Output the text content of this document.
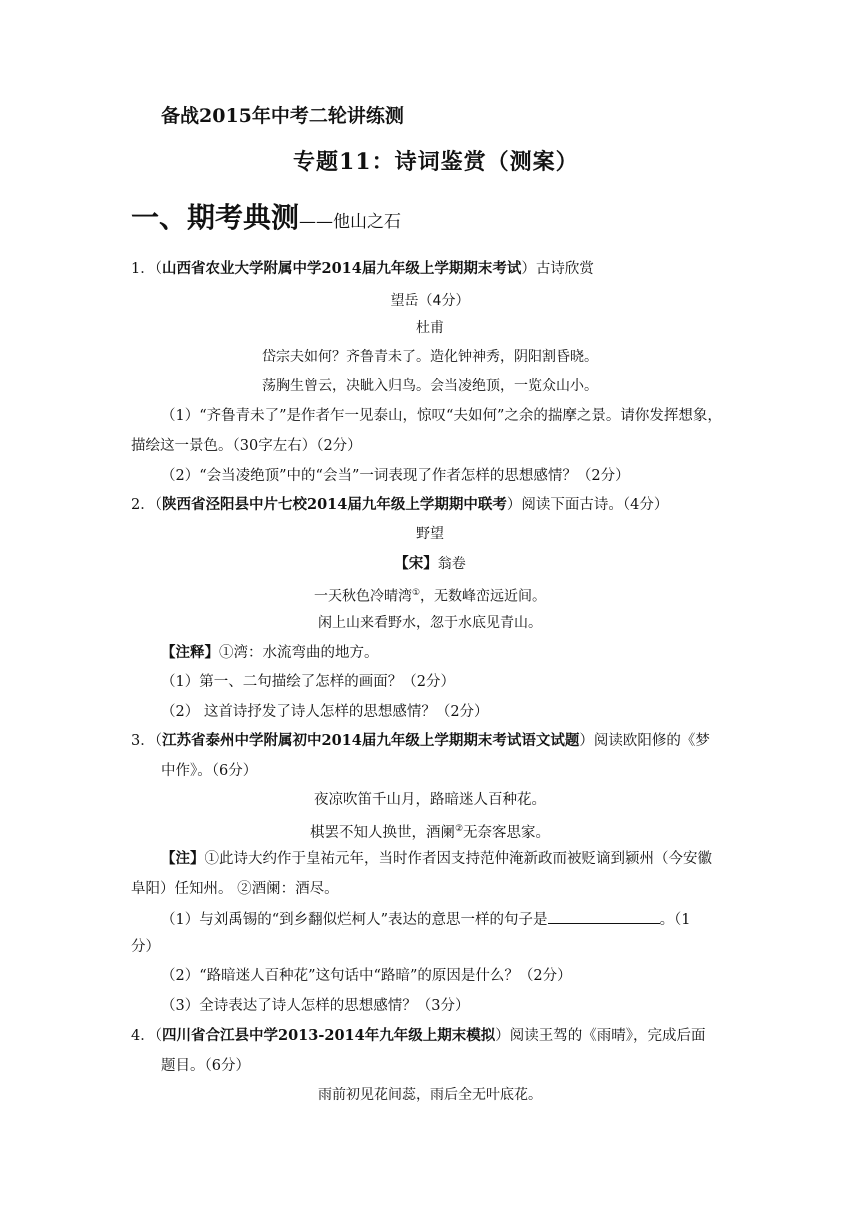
备战2015年中考二轮讲练测
专题11：诗词鉴赏（测案）
一、期考典测——他山之石
1．（山西省农业大学附属中学2014届九年级上学期期末考试）古诗欣赏
望岳（4分）
杜甫
岱宗夫如何？齐鲁青未了。造化钟神秀，阴阳割昏晓。
荡胸生曾云，决眦入归鸟。会当凌绝顶，一览众山小。
（1）“齐鲁青未了”是作者乍一见泰山，惊叹“夫如何”之余的揣摩之景。请你发挥想象，
描绘这一景色。（30字左右）（2分）
（2）“会当凌绝顶”中的“会当”一词表现了作者怎样的思想感情？（2分）
2．（陕西省泾阳县中片七校2014届九年级上学期期中联考）阅读下面古诗。（4分）
野望
【宋】翁卷
一天秋色冷晴湾①，无数峰峦远近间。
闲上山来看野水，忽于水底见青山。
【注释】①湾：水流弯曲的地方。
（1）第一、二句描绘了怎样的画面？（2分）
（2） 这首诗抒发了诗人怎样的思想感情？（2分）
3．（江苏省泰州中学附属初中2014届九年级上学期期末考试语文试题）阅读欧阳修的《梦
中作》。（6分）
夜凉吹笛千山月，路暗迷人百种花。
棋罢不知人换世，酒阑②无奈客思家。
【注】①此诗大约作于皇祐元年，当时作者因支持范仲淹新政而被贬谪到颍州（今安徽
阜阳）任知州。 ②酒阑：酒尽。
（1）与刘禹锡的“到乡翻似烂柯人”表达的意思一样的句子是	。（1
分）
（2）“路暗迷人百种花”这句话中“路暗”的原因是什么？（2分）
（3）全诗表达了诗人怎样的思想感情？（3分）
4．（四川省合江县中学2013-2014年九年级上期末模拟）阅读王驾的《雨晴》，完成后面
题目。（6分）
雨前初见花间蕊，雨后全无叶底花。
